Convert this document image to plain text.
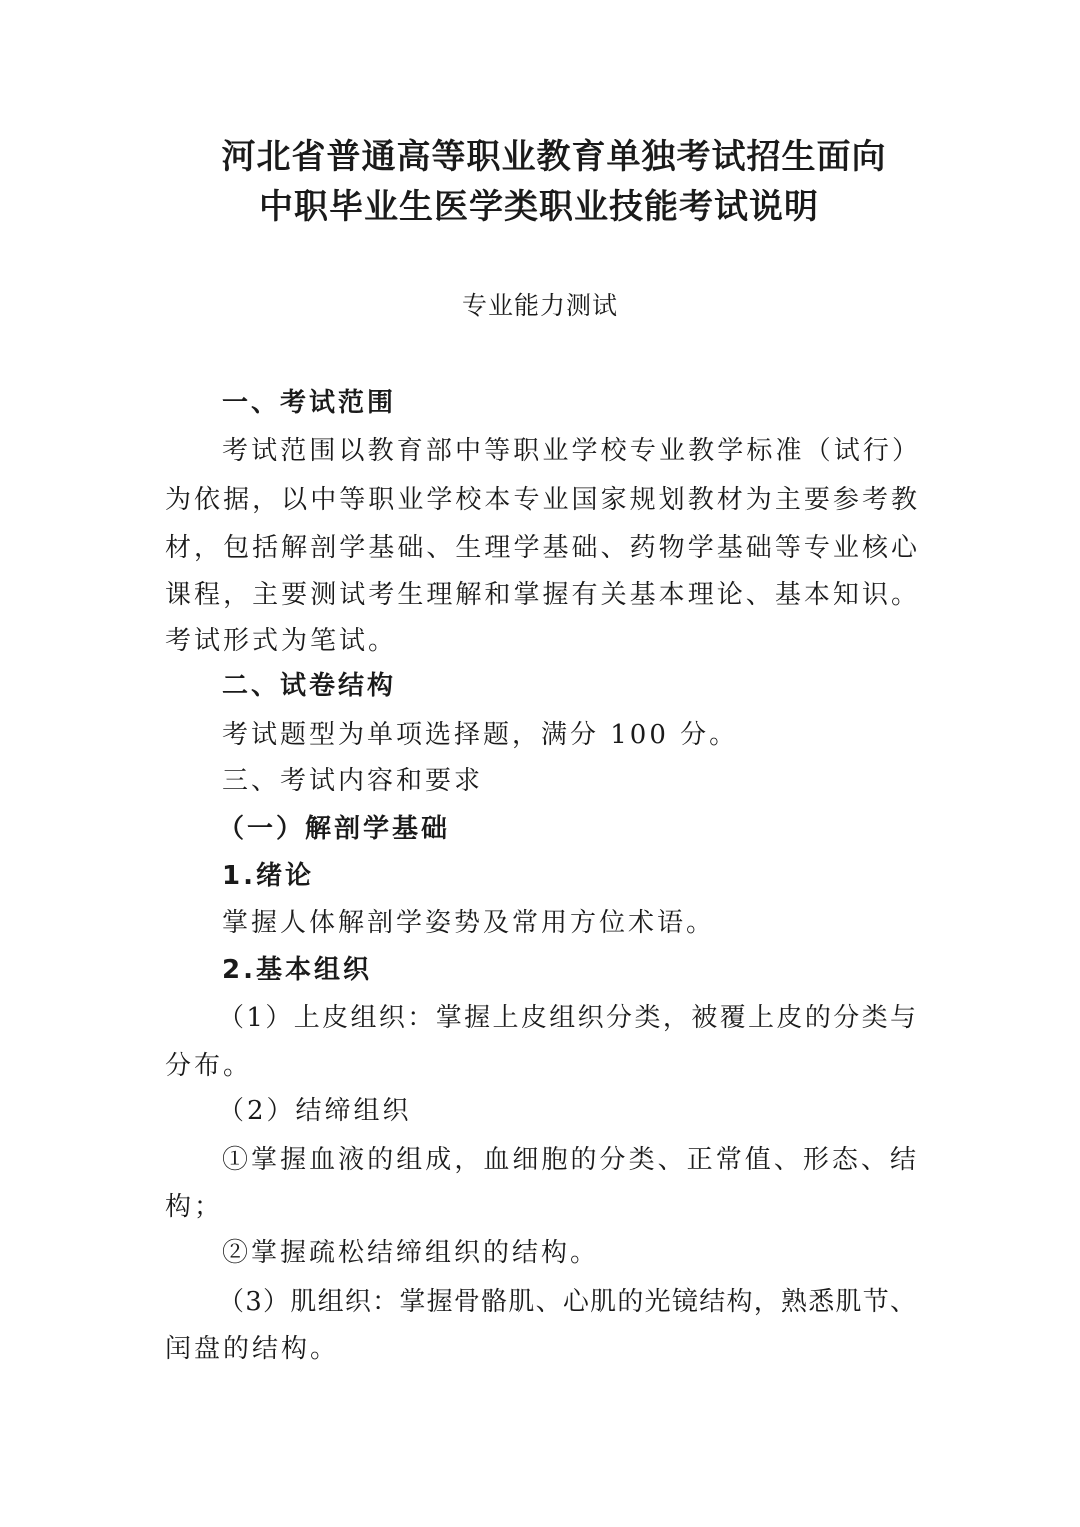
河北省普通高等职业教育单独考试招生面向
中职毕业生医学类职业技能考试说明
专业能力测试
一、考试范围
考试范围以教育部中等职业学校专业教学标准（试行）
为依据，以中等职业学校本专业国家规划教材为主要参考教
材，包括解剖学基础、生理学基础、药物学基础等专业核心
课程，主要测试考生理解和掌握有关基本理论、基本知识。
考试形式为笔试。
二、试卷结构
考试题型为单项选择题，满分 100 分。
三、考试内容和要求
（一）解剖学基础
1.绪论
掌握人体解剖学姿势及常用方位术语。
2.基本组织
（1）上皮组织：掌握上皮组织分类，被覆上皮的分类与
分布。
（2）结缔组织
①掌握血液的组成，血细胞的分类、正常值、形态、结
构；
②掌握疏松结缔组织的结构。
（3）肌组织：掌握骨骼肌、心肌的光镜结构，熟悉肌节、
闰盘的结构。
